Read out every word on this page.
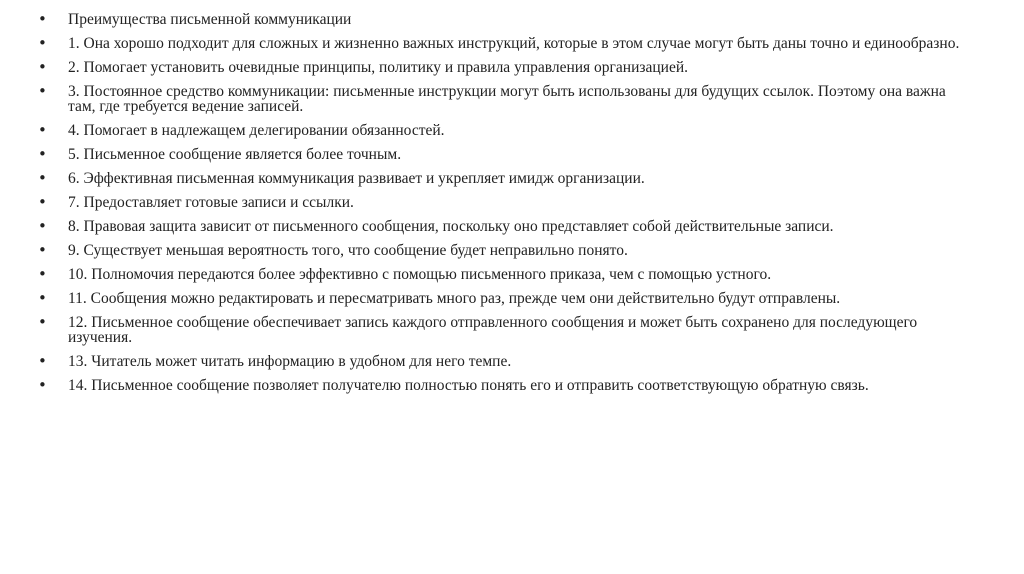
•	Преимущества письменной коммуникации
•	1. Она хорошо подходит для сложных и жизненно важных инструкций, которые в этом случае могут быть даны точно и единообразно.
•	2. Помогает установить очевидные принципы, политику и правила управления организацией.
•	3. Постоянное средство коммуникации: письменные инструкции могут быть использованы для будущих ссылок. Поэтому она важна там, где требуется ведение записей.
•	4. Помогает в надлежащем делегировании обязанностей.
•	5. Письменное сообщение является более точным.
•	6. Эффективная письменная коммуникация развивает и укрепляет имидж организации.
•	7. Предоставляет готовые записи и ссылки.
•	8. Правовая защита зависит от письменного сообщения, поскольку оно представляет собой действительные записи.
•	9. Существует меньшая вероятность того, что сообщение будет неправильно понято.
•	10. Полномочия передаются более эффективно с помощью письменного приказа, чем с помощью устного.
•	11. Сообщения можно редактировать и пересматривать много раз, прежде чем они действительно будут отправлены.
•	12. Письменное сообщение обеспечивает запись каждого отправленного сообщения и может быть сохранено для последующего изучения.
•	13. Читатель может читать информацию в удобном для него темпе.
•	14. Письменное сообщение позволяет получателю полностью понять его и отправить соответствующую обратную связь.
